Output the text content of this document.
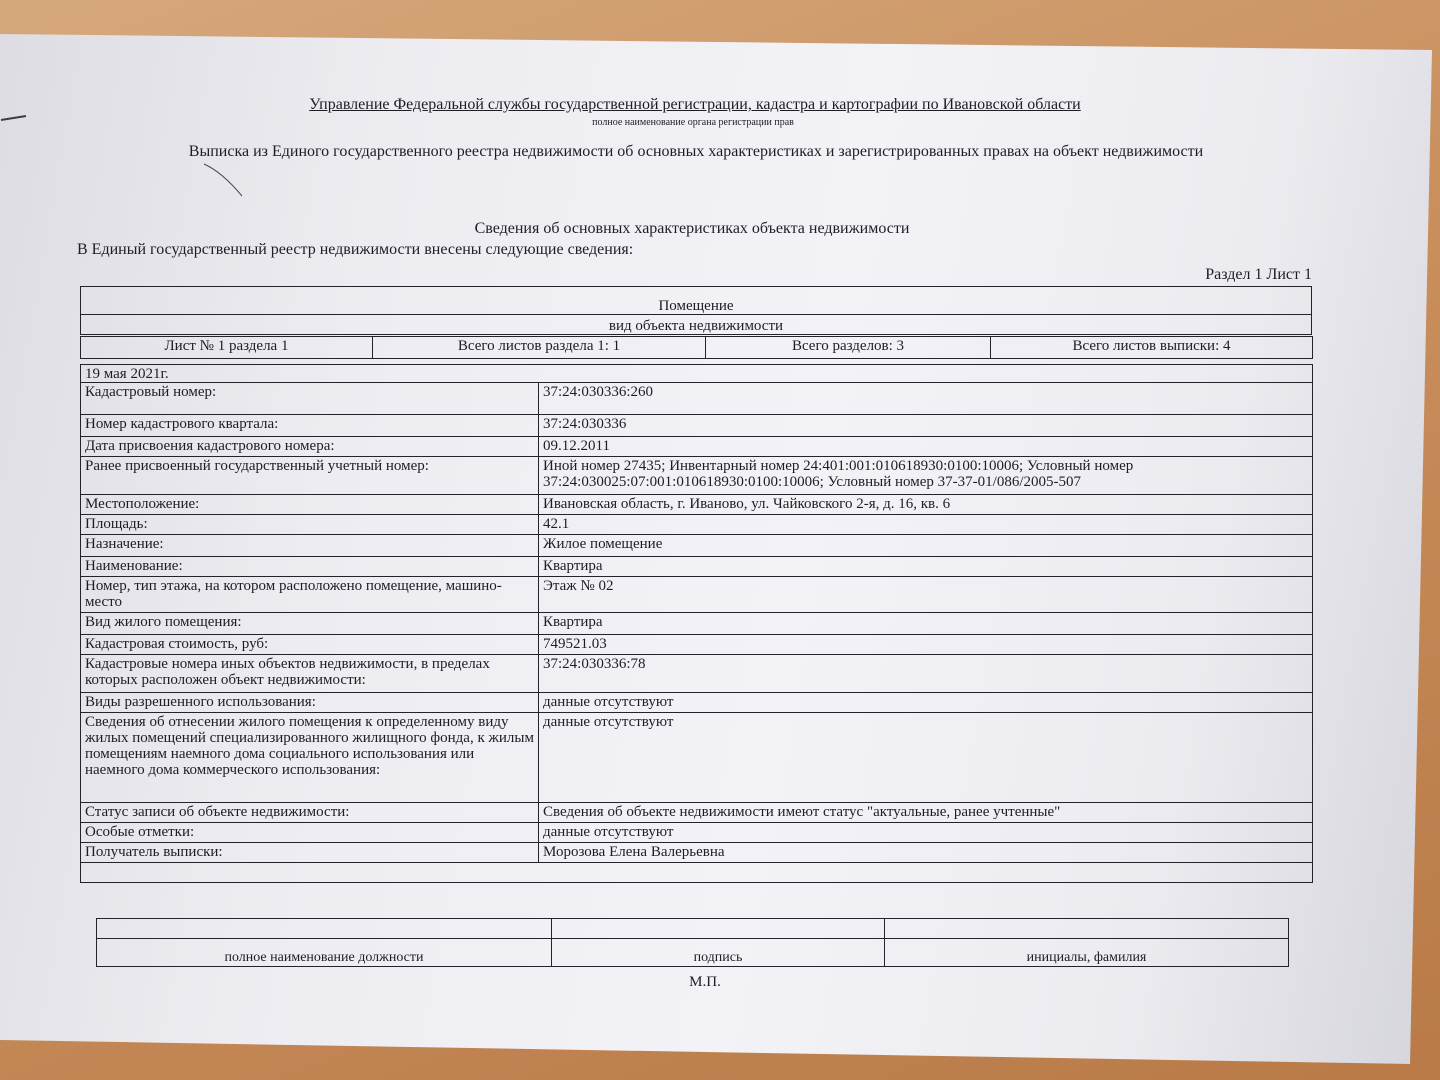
Управление Федеральной службы государственной регистрации, кадастра и картографии по Ивановской области
полное наименование органа регистрации прав
Выписка из Единого государственного реестра недвижимости об основных характеристиках и зарегистрированных правах на объект недвижимости
Сведения об основных характеристиках объекта недвижимости
В Единый государственный реестр недвижимости внесены следующие сведения:
Раздел 1 Лист 1
Помещение
вид объекта недвижимости
Лист № 1 раздела 1	Всего листов раздела 1: 1	Всего разделов: 3	Всего листов выписки: 4
19 мая 2021г.	
Кадастровый номер:	37:24:030336:260
Номер кадастрового квартала:	37:24:030336
Дата присвоения кадастрового номера:	09.12.2011
Ранее присвоенный государственный учетный номер:	Иной номер 27435; Инвентарный номер 24:401:001:010618930:0100:10006; Условный номер 37:24:030025:07:001:010618930:0100:10006; Условный номер 37-37-01/086/2005-507
Местоположение:	Ивановская область, г. Иваново, ул. Чайковского 2-я, д. 16, кв. 6
Площадь:	42.1
Назначение:	Жилое помещение
Наименование:	Квартира
Номер, тип этажа, на котором расположено помещение, машино-место	Этаж № 02
Вид жилого помещения:	Квартира
Кадастровая стоимость, руб:	749521.03
Кадастровые номера иных объектов недвижимости, в пределах которых расположен объект недвижимости:	37:24:030336:78
Виды разрешенного использования:	данные отсутствуют
Сведения об отнесении жилого помещения к определенному виду жилых помещений специализированного жилищного фонда, к жилым помещениям наемного дома социального использования или наемного дома коммерческого использования:	данные отсутствуют
Статус записи об объекте недвижимости:	Сведения об объекте недвижимости имеют статус "актуальные, ранее учтенные"
Особые отметки:	данные отсутствуют
Получатель выписки:	Морозова Елена Валерьевна

полное наименование должности	подпись	инициалы, фамилия
М.П.
